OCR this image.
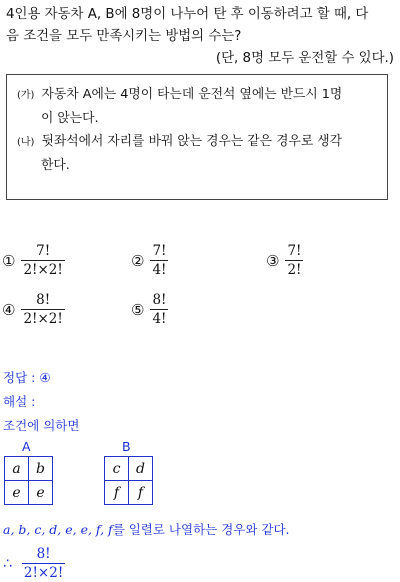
4인용 자동차 A, B에 8명이 나누어 탄 후 이동하려고 할 때, 다
음 조건을 모두 만족시키는 방법의 수는?
(단, 8명 모두 운전할 수 있다.)
(가) 자동차 A에는 4명이 타는데 운전석 옆에는 반드시 1명
이 앉는다.
(나) 뒷좌석에서 자리를 바꿔 앉는 경우는 같은 경우로 생각
한다.
① $\frac{7!}{2!\times 2!}$	② $\frac{7!}{4!}$	③ $\frac{7!}{2!}$
④ $\frac{8!}{2!\times 2!}$	⑤ $\frac{8!}{4!}$
정답 : ④
해설 :
조건에 의하면
A
a	b
e	e
B
c	d
f	f
a, b, c, d, e, e, f, f를 일렬로 나열하는 경우와 같다.
∴ $\frac{8!}{2!\times 2!}$
